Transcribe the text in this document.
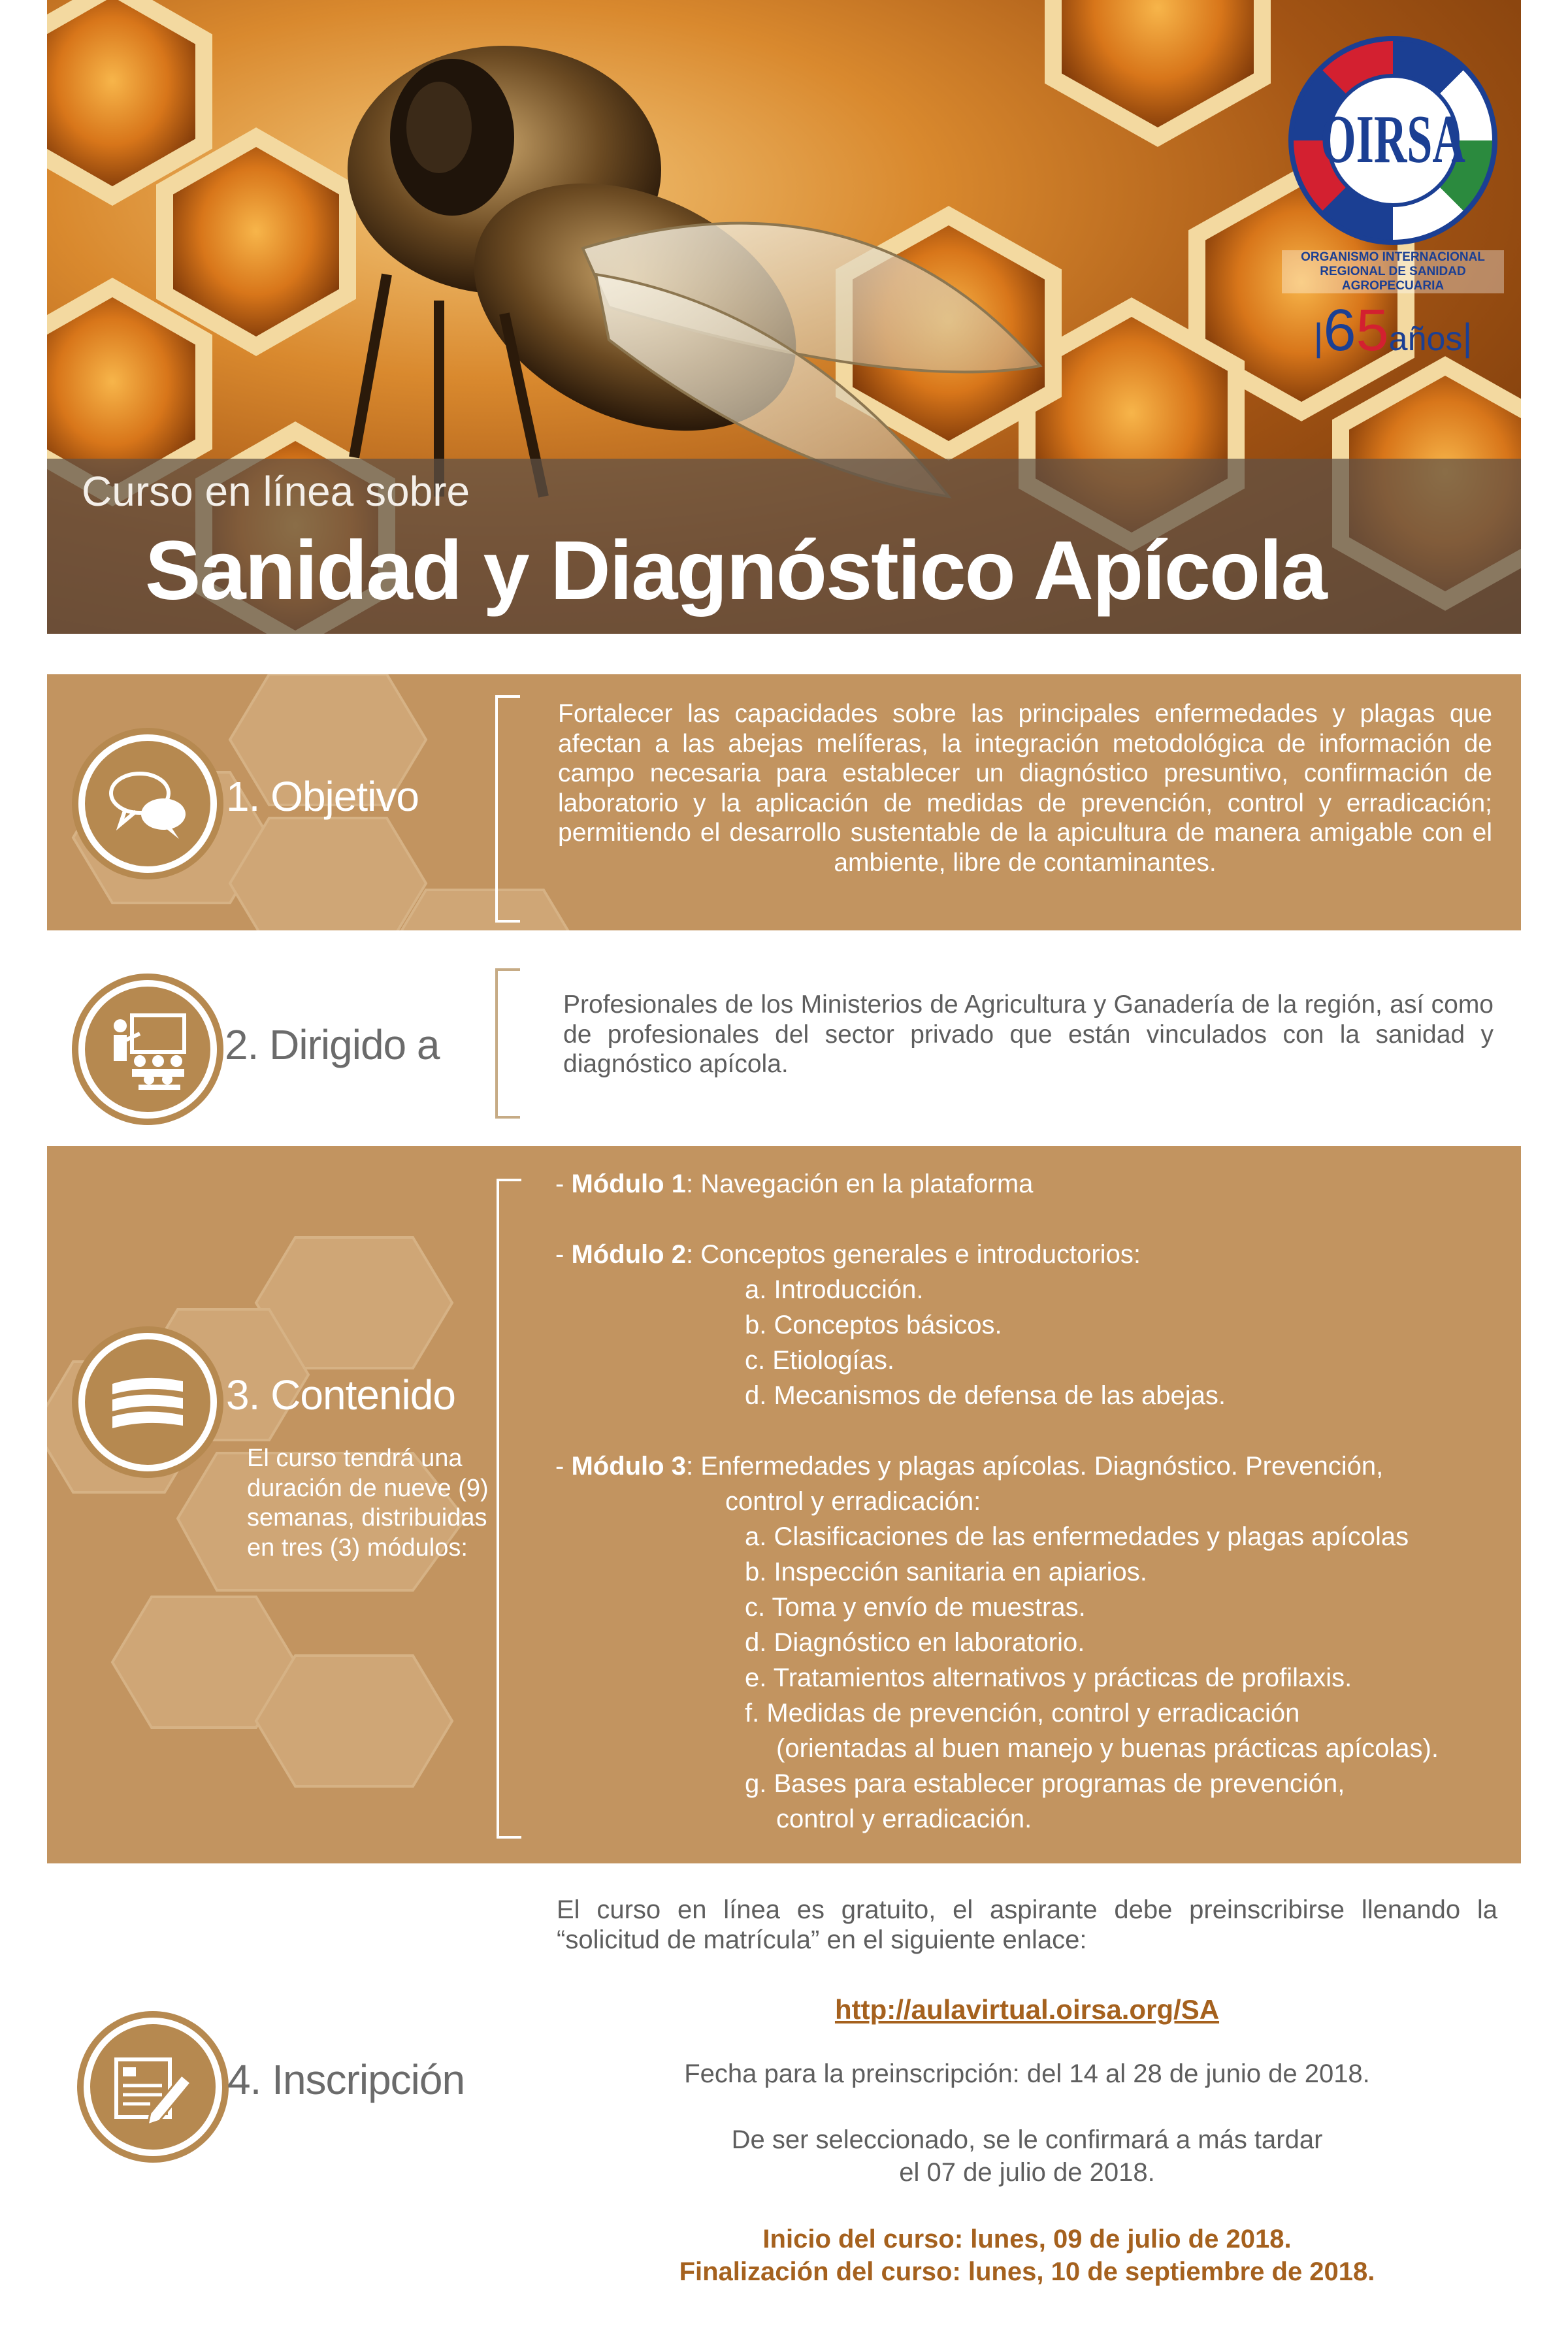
OIRSA
ORGANISMO INTERNACIONAL
REGIONAL DE SANIDAD
AGROPECUARIA
|65años|
Curso en línea sobre
Sanidad y Diagnóstico Apícola
1. Objetivo
Fortalecer las capacidades sobre las principales enfermedades y plagas que afectan a las abejas melíferas, la integración metodológica de información de campo necesaria para establecer un diagnóstico presuntivo, confirmación de laboratorio y la aplicación de medidas de prevención, control y erradicación; permitiendo el desarrollo sustentable de la apicultura de manera amigable con el ambiente, libre de contaminantes.
2. Dirigido a
Profesionales de los Ministerios de Agricultura y Ganadería de la región, así como de profesionales del sector privado que están vinculados con la sanidad y diagnóstico apícola.
3. Contenido
El curso tendrá una duración de nueve (9) semanas, distribuidas en tres (3) módulos:
- Módulo 1: Navegación en la plataforma
- Módulo 2: Conceptos generales e introductorios:
a. Introducción.
b. Conceptos básicos.
c. Etiologías.
d. Mecanismos de defensa de las abejas.
- Módulo 3: Enfermedades y plagas apícolas. Diagnóstico. Prevención,
control y erradicación:
a. Clasificaciones de las enfermedades y plagas apícolas
b. Inspección sanitaria en apiarios.
c. Toma y envío de muestras.
d. Diagnóstico en laboratorio.
e. Tratamientos alternativos y prácticas de profilaxis.
f. Medidas de prevención, control y erradicación
(orientadas al buen manejo y buenas prácticas apícolas).
g. Bases para establecer programas de prevención,
control y erradicación.
4. Inscripción
El curso en línea es gratuito, el aspirante debe preinscribirse llenando la “solicitud de matrícula” en el siguiente enlace:
http://aulavirtual.oirsa.org/SA
Fecha para la preinscripción: del 14 al 28 de junio de 2018.
De ser seleccionado, se le confirmará a más tardar
el 07 de julio de 2018.
Inicio del curso: lunes, 09 de julio de 2018.
Finalización del curso: lunes, 10 de septiembre de 2018.
